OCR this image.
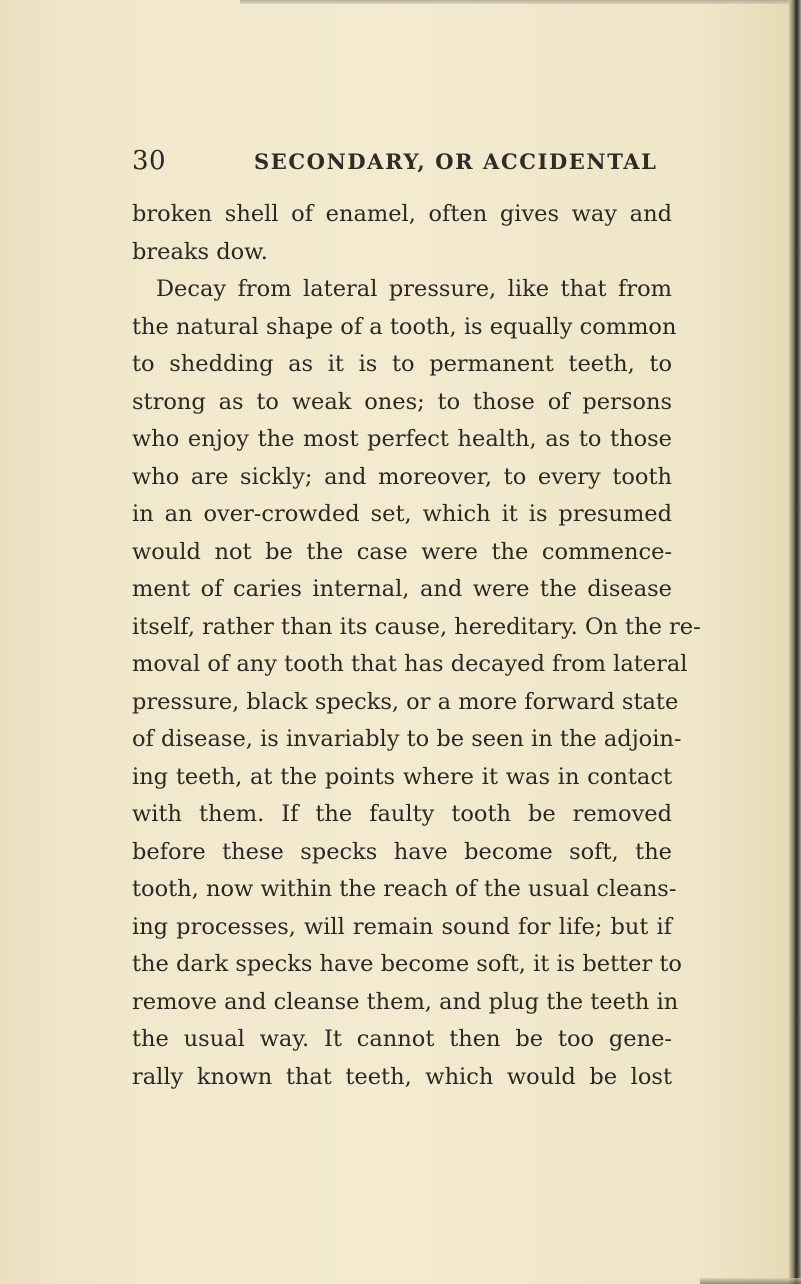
30	SECONDARY, OR ACCIDENTAL
broken shell of enamel, often gives way and
breaks dow.
Decay from lateral pressure, like that from
the natural shape of a tooth, is equally common
to shedding as it is to permanent teeth, to
strong as to weak ones; to those of persons
who enjoy the most perfect health, as to those
who are sickly; and moreover, to every tooth
in an over-crowded set, which it is presumed
would not be the case were the commence-
ment of caries internal, and were the disease
itself, rather than its cause, hereditary. On the re-
moval of any tooth that has decayed from lateral
pressure, black specks, or a more forward state
of disease, is invariably to be seen in the adjoin-
ing teeth, at the points where it was in contact
with them. If the faulty tooth be removed
before these specks have become soft, the
tooth, now within the reach of the usual cleans-
ing processes, will remain sound for life; but if
the dark specks have become soft, it is better to
remove and cleanse them, and plug the teeth in
the usual way. It cannot then be too gene-
rally known that teeth, which would be lost
